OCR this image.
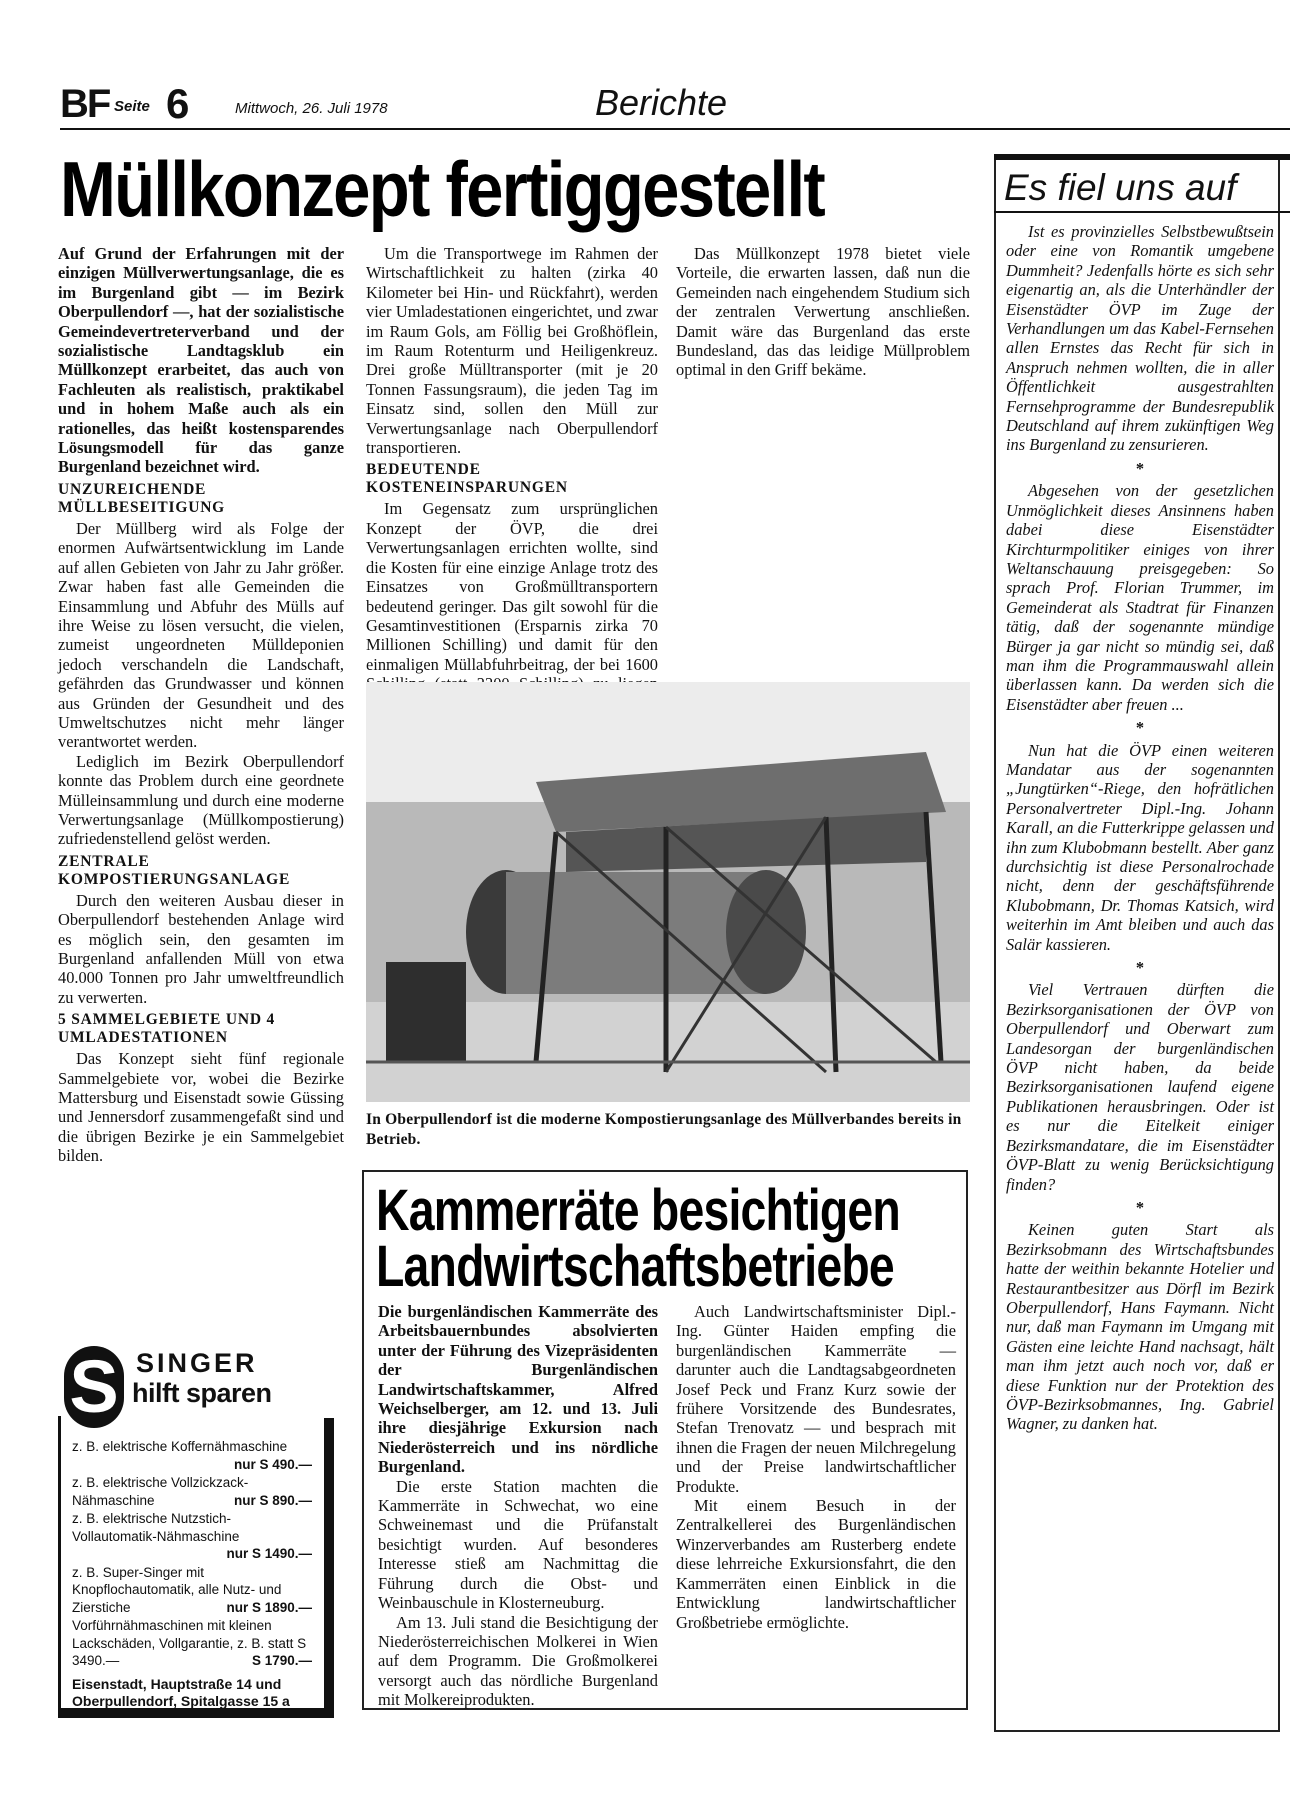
BF Seite 6	Mittwoch, 26. Juli 1978	Berichte
Müllkonzept fertiggestellt

Auf Grund der Erfahrungen mit der einzigen Müllverwertungsanlage, die es im Burgenland gibt — im Bezirk Oberpullendorf —, hat der sozialistische Gemeindevertreterverband und der sozialistische Landtagsklub ein Müllkonzept erarbeitet, das auch von Fachleuten als realistisch, praktikabel und in hohem Maße auch als ein rationelles, das heißt kostensparendes Lösungsmodell für das ganze Burgenland bezeichnet wird.

UNZUREICHENDE MÜLLBESEITIGUNG

Der Müllberg wird als Folge der enormen Aufwärtsentwicklung im Lande auf allen Gebieten von Jahr zu Jahr größer. Zwar haben fast alle Gemeinden die Einsammlung und Abfuhr des Mülls auf ihre Weise zu lösen versucht, die vielen, zumeist ungeordneten Mülldeponien jedoch verschandeln die Landschaft, gefährden das Grundwasser und können aus Gründen der Gesundheit und des Umweltschutzes nicht mehr länger verantwortet werden.

Lediglich im Bezirk Oberpullendorf konnte das Problem durch eine geordnete Mülleinsammlung und durch eine moderne Verwertungsanlage (Müllkompostierung) zufriedenstellend gelöst werden.

ZENTRALE KOMPOSTIERUNGSANLAGE

Durch den weiteren Ausbau dieser in Oberpullendorf bestehenden Anlage wird es möglich sein, den gesamten im Burgenland anfallenden Müll von etwa 40.000 Tonnen pro Jahr umweltfreundlich zu verwerten.

5 SAMMELGEBIETE UND 4 UMLADESTATIONEN

Das Konzept sieht fünf regionale Sammelgebiete vor, wobei die Bezirke Mattersburg und Eisenstadt sowie Güssing und Jennersdorf zusammengefaßt sind und die übrigen Bezirke je ein Sammelgebiet bilden.

Um die Transportwege im Rahmen der Wirtschaftlichkeit zu halten (zirka 40 Kilometer bei Hin- und Rückfahrt), werden vier Umladestationen eingerichtet, und zwar im Raum Gols, am Föllig bei Großhöflein, im Raum Rotenturm und Heiligenkreuz. Drei große Mülltransporter (mit je 20 Tonnen Fassungsraum), die jeden Tag im Einsatz sind, sollen den Müll zur Verwertungsanlage nach Oberpullendorf transportieren.

BEDEUTENDE KOSTENEINSPARUNGEN

Im Gegensatz zum ursprünglichen Konzept der ÖVP, die drei Verwertungsanlagen errichten wollte, sind die Kosten für eine einzige Anlage trotz des Einsatzes von Großmülltransportern bedeutend geringer. Das gilt sowohl für die Gesamtinvestitionen (Ersparnis zirka 70 Millionen Schilling) und damit für den einmaligen Müllabfuhrbeitrag, der bei 1600

Das Müllkonzept 1978 bietet viele Vorteile, die erwarten lassen, daß nun die Gemeinden nach eingehendem Studium sich der zentralen Verwertung anschließen. Damit wäre das Burgenland das erste Bundesland, das das leidige Müllproblem optimal in den Griff bekäme.

In Oberpullendorf ist die moderne Kompostierungsanlage des Müllverbandes bereits in Betrieb.
Kammerräte besichtigen
Landwirtschaftsbetriebe

Die burgenländischen Kammerräte des Arbeitsbauernbundes absolvierten unter der Führung des Vizepräsidenten der Burgenländischen Landwirtschaftskammer, Alfred Weichselberger, am 12. und 13. Juli ihre diesjährige Exkursion nach Niederösterreich und ins nördliche Burgenland.

Die erste Station machten die Kammerräte in Schwechat, wo eine Schweinemast und die Prüfanstalt besichtigt wurden. Auf besonderes Interesse stieß am Nachmittag die Führung durch die Obst- und Weinbauschule in Klosterneuburg.

Am 13. Juli stand die Besichtigung der Niederösterreichischen Molkerei in Wien auf dem Programm. Die Großmolkerei versorgt auch das nördliche Burgenland mit Molkereiprodukten.

Auch Landwirtschaftsminister Dipl.-Ing. Günter Haiden empfing die burgenländischen Kammerräte — darunter auch die Landtagsabgeordneten Josef Peck und Franz Kurz sowie der frühere Vorsitzende des Bundesrates, Stefan Trenovatz — und besprach mit ihnen die Fragen der neuen Milchregelung und der Preise landwirtschaftlicher Produkte.

Mit einem Besuch in der Zentralkellerei des Burgenländischen Winzerverbandes am Rusterberg endete diese lehrreiche Exkursionsfahrt, die den Kammerräten einen Einblick in die Entwicklung landwirtschaftlicher Großbetriebe ermöglichte.

Es fiel uns auf

Ist es provinzielles Selbstbewußtsein oder eine von Romantik umgebene Dummheit? Jedenfalls hörte es sich sehr eigenartig an, als die Unterhändler der Eisenstädter ÖVP im Zuge der Verhandlungen um das Kabel-Fernsehen allen Ernstes das Recht für sich in Anspruch nehmen wollten, die in aller Öffentlichkeit ausgestrahlten Fernsehprogramme der Bundesrepublik Deutschland auf ihrem zukünftigen Weg ins Burgenland zu zensurieren.

*

Abgesehen von der gesetzlichen Unmöglichkeit dieses Ansinnens haben dabei diese Eisenstädter Kirchturmpolitiker einiges von ihrer Weltanschauung preisgegeben: So sprach Prof. Florian Trummer, im Gemeinderat als Stadtrat für Finanzen tätig, daß der sogenannte mündige Bürger ja gar nicht so mündig sei, daß man ihm die Programmauswahl allein überlassen kann. Da werden sich die Eisenstädter aber freuen ...

*

Nun hat die ÖVP einen weiteren Mandatar aus der sogenannten „Jungtürken“-Riege, den hofrätlichen Personalvertreter Dipl.-Ing. Johann Karall, an die Futterkrippe gelassen und ihn zum Klubobmann bestellt. Aber ganz durchsichtig ist diese Personalrochade nicht, denn der geschäftsführende Klubobmann, Dr. Thomas Katsich, wird weiterhin im Amt bleiben und auch das Salär kassieren.

*

Viel Vertrauen dürften die Bezirksorganisationen der ÖVP von Oberpullendorf und Oberwart zum Landesorgan der burgenländischen ÖVP nicht haben, da beide Bezirksorganisationen laufend eigene Publikationen herausbringen. Oder ist es nur die Eitelkeit einiger Bezirksmandatare, die im Eisenstädter ÖVP-Blatt zu wenig Berücksichtigung finden?

*

Keinen guten Start als Bezirksobmann des Wirtschaftsbundes hatte der weithin bekannte Hotelier und Restaurantbesitzer aus Dörfl im Bezirk Oberpullendorf, Hans Faymann. Nicht nur, daß man Faymann im Umgang mit Gästen eine leichte Hand nachsagt, hält man ihm jetzt auch noch vor, daß er diese Funktion nur der Protektion des ÖVP-Bezirksobmannes, Ing. Gabriel Wagner, zu danken hat.

S SINGER
hilft sparen
z. B. elektrische Koffernähmaschine
nur S 490.—
z. B. elektrische Vollzickzack-Nähmaschine	nur S 890.—
z. B. elektrische Nutzstich-Vollautomatik-Nähmaschine
nur S 1490.—
z. B. Super-Singer mit Knopflochautomatik, alle Nutz- und Zierstiche	nur S 1890.—
Vorführnähmaschinen mit kleinen Lackschäden, Vollgarantie, z. B. statt S 3490.—	S 1790.—
Eisenstadt, Hauptstraße 14 und
Oberpullendorf, Spitalgasse 15 a
